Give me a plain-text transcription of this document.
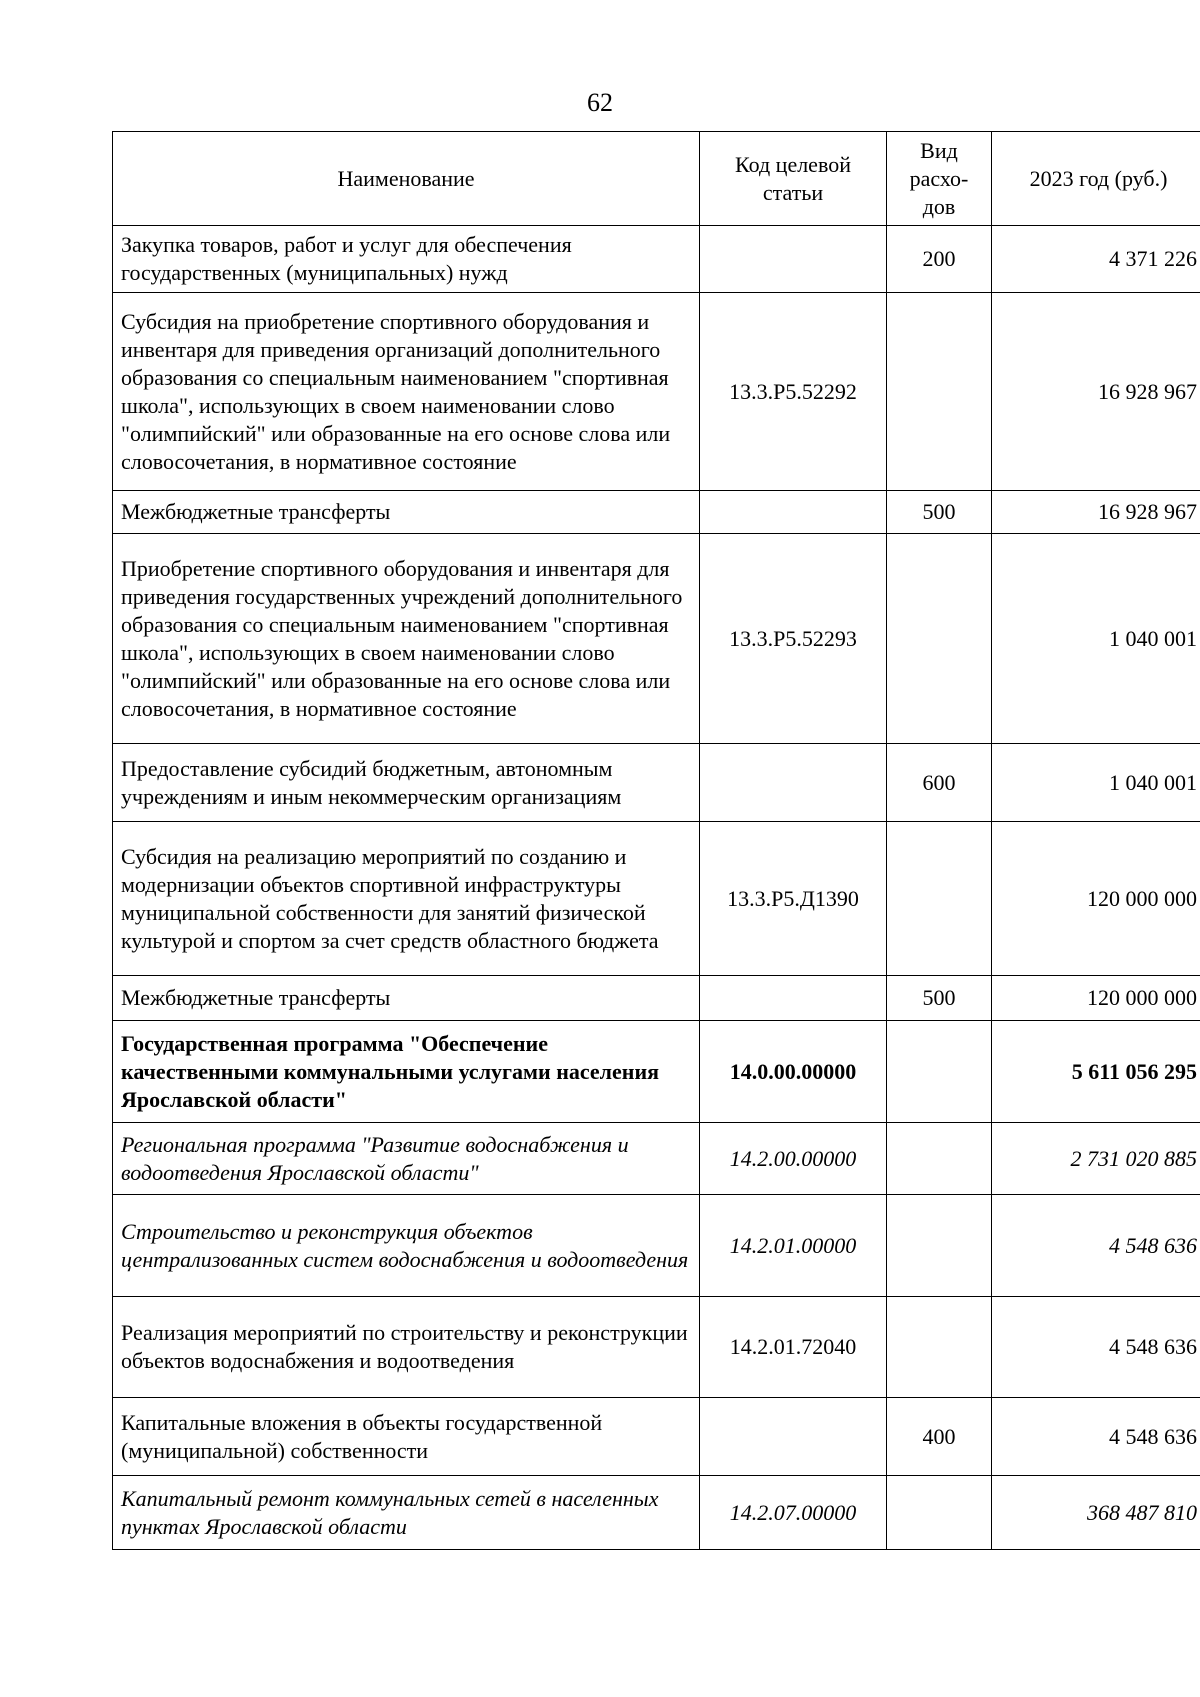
62
Наименование	Код целевой статьи	Вид расхо-дов	2023 год (руб.)
Закупка товаров, работ и услуг для обеспечения государственных (муниципальных) нужд		200	4 371 226
Субсидия на приобретение спортивного оборудования и инвентаря для приведения организаций дополнительного образования со специальным наименованием "спортивная школа", использующих в своем наименовании слово "олимпийский" или образованные на его основе слова или словосочетания, в нормативное состояние	13.3.Р5.52292		16 928 967
Межбюджетные трансферты		500	16 928 967
Приобретение спортивного оборудования и инвентаря для приведения государственных учреждений дополнительного образования со специальным наименованием "спортивная школа", использующих в своем наименовании слово "олимпийский" или образованные на его основе слова или словосочетания, в нормативное состояние	13.3.Р5.52293		1 040 001
Предоставление субсидий бюджетным, автономным учреждениям и иным некоммерческим организациям		600	1 040 001
Субсидия на реализацию мероприятий по созданию и модернизации объектов спортивной инфраструктуры муниципальной собственности для занятий физической культурой и спортом за счет средств областного бюджета	13.3.Р5.Д1390		120 000 000
Межбюджетные трансферты		500	120 000 000
Государственная программа "Обеспечение качественными коммунальными услугами населения Ярославской области"	14.0.00.00000		5 611 056 295
Региональная программа "Развитие водоснабжения и водоотведения Ярославской области"	14.2.00.00000		2 731 020 885
Строительство и реконструкция объектов централизованных систем водоснабжения и водоотведения	14.2.01.00000		4 548 636
Реализация мероприятий по строительству и реконструкции объектов водоснабжения и водоотведения	14.2.01.72040		4 548 636
Капитальные вложения в объекты государственной (муниципальной) собственности		400	4 548 636
Капитальный ремонт коммунальных сетей в населенных пунктах Ярославской области	14.2.07.00000		368 487 810
